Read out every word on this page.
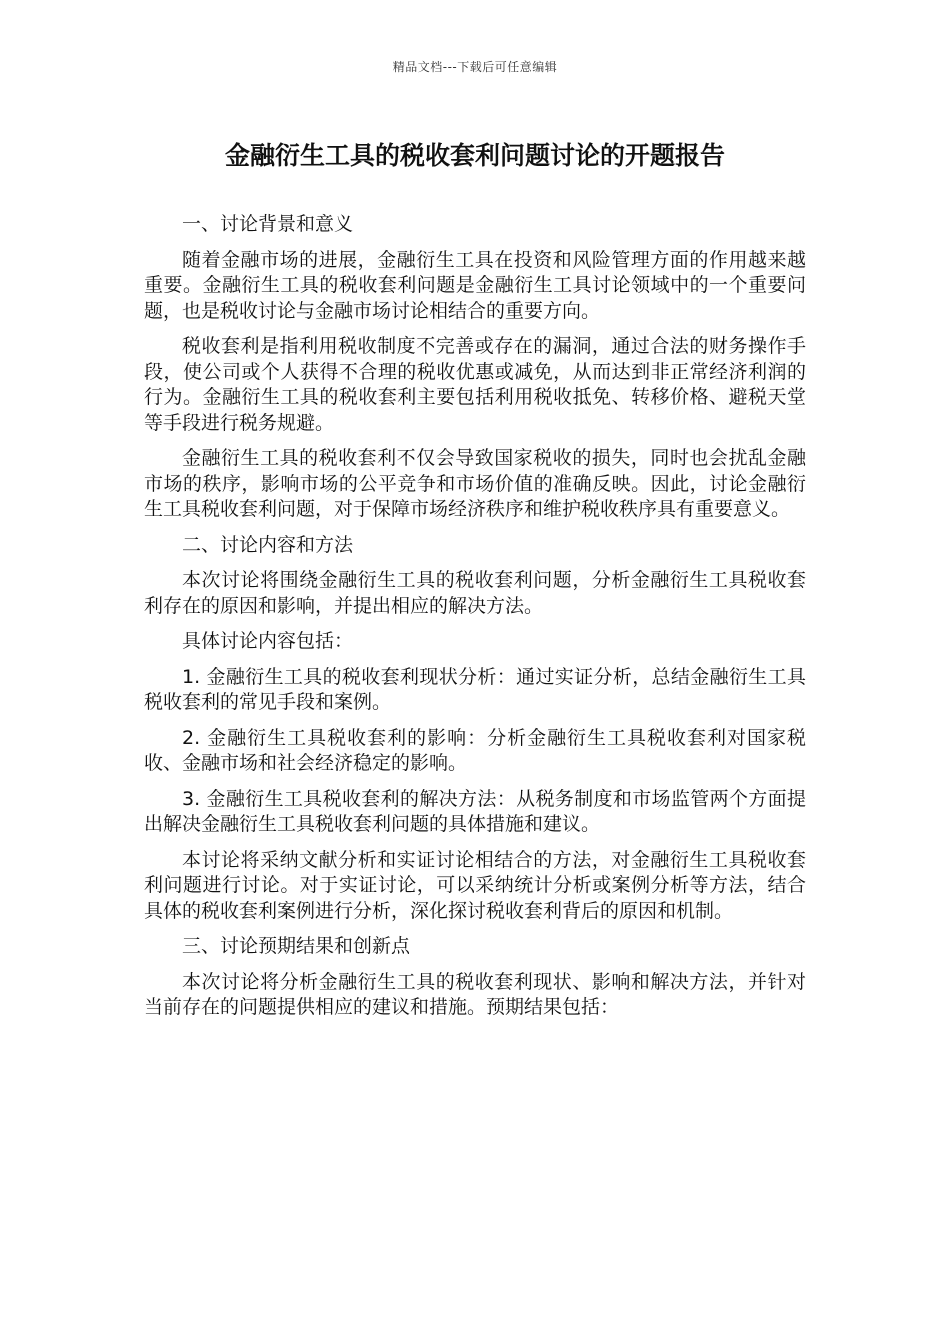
精品文档---下载后可任意编辑
金融衍生工具的税收套利问题讨论的开题报告

一、讨论背景和意义

随着金融市场的进展，金融衍生工具在投资和风险管理方面的作用越来越重要。金融衍生工具的税收套利问题是金融衍生工具讨论领域中的一个重要问题，也是税收讨论与金融市场讨论相结合的重要方向。

税收套利是指利用税收制度不完善或存在的漏洞，通过合法的财务操作手段，使公司或个人获得不合理的税收优惠或减免，从而达到非正常经济利润的行为。金融衍生工具的税收套利主要包括利用税收抵免、转移价格、避税天堂等手段进行税务规避。

金融衍生工具的税收套利不仅会导致国家税收的损失，同时也会扰乱金融市场的秩序，影响市场的公平竞争和市场价值的准确反映。因此，讨论金融衍生工具税收套利问题，对于保障市场经济秩序和维护税收秩序具有重要意义。

二、讨论内容和方法

本次讨论将围绕金融衍生工具的税收套利问题，分析金融衍生工具税收套利存在的原因和影响，并提出相应的解决方法。

具体讨论内容包括：

1. 金融衍生工具的税收套利现状分析：通过实证分析，总结金融衍生工具税收套利的常见手段和案例。

2. 金融衍生工具税收套利的影响：分析金融衍生工具税收套利对国家税收、金融市场和社会经济稳定的影响。

3. 金融衍生工具税收套利的解决方法：从税务制度和市场监管两个方面提出解决金融衍生工具税收套利问题的具体措施和建议。

本讨论将采纳文献分析和实证讨论相结合的方法，对金融衍生工具税收套利问题进行讨论。对于实证讨论，可以采纳统计分析或案例分析等方法，结合具体的税收套利案例进行分析，深化探讨税收套利背后的原因和机制。

三、讨论预期结果和创新点

本次讨论将分析金融衍生工具的税收套利现状、影响和解决方法，并针对当前存在的问题提供相应的建议和措施。预期结果包括：
